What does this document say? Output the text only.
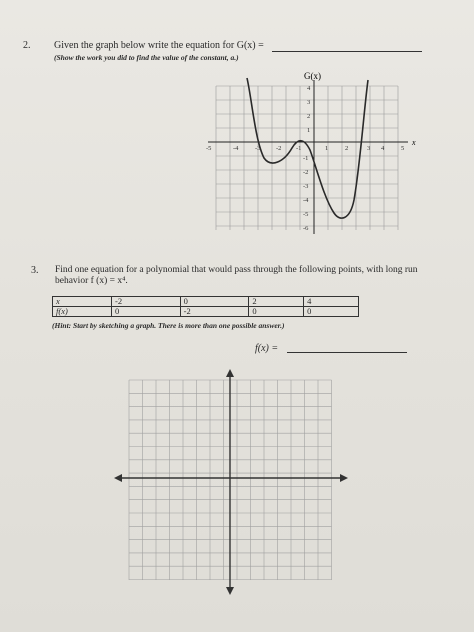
2. Given the graph below write the equation for G(x) =
(Show the work you did to find the value of the constant, a.)
G(x)
x
-5	-4	-3 -2 -1	1	2	3 4	5
4
3
2
1
-1
-2
-3
-4
-5
-6
3. Find one equation for a polynomial that would pass through the following points, with long run
behavior f (x) = x⁴.
x	-2	0	2	4
f(x)	0	-2	0	0
(Hint: Start by sketching a graph. There is more than one possible answer.)
f(x) =
